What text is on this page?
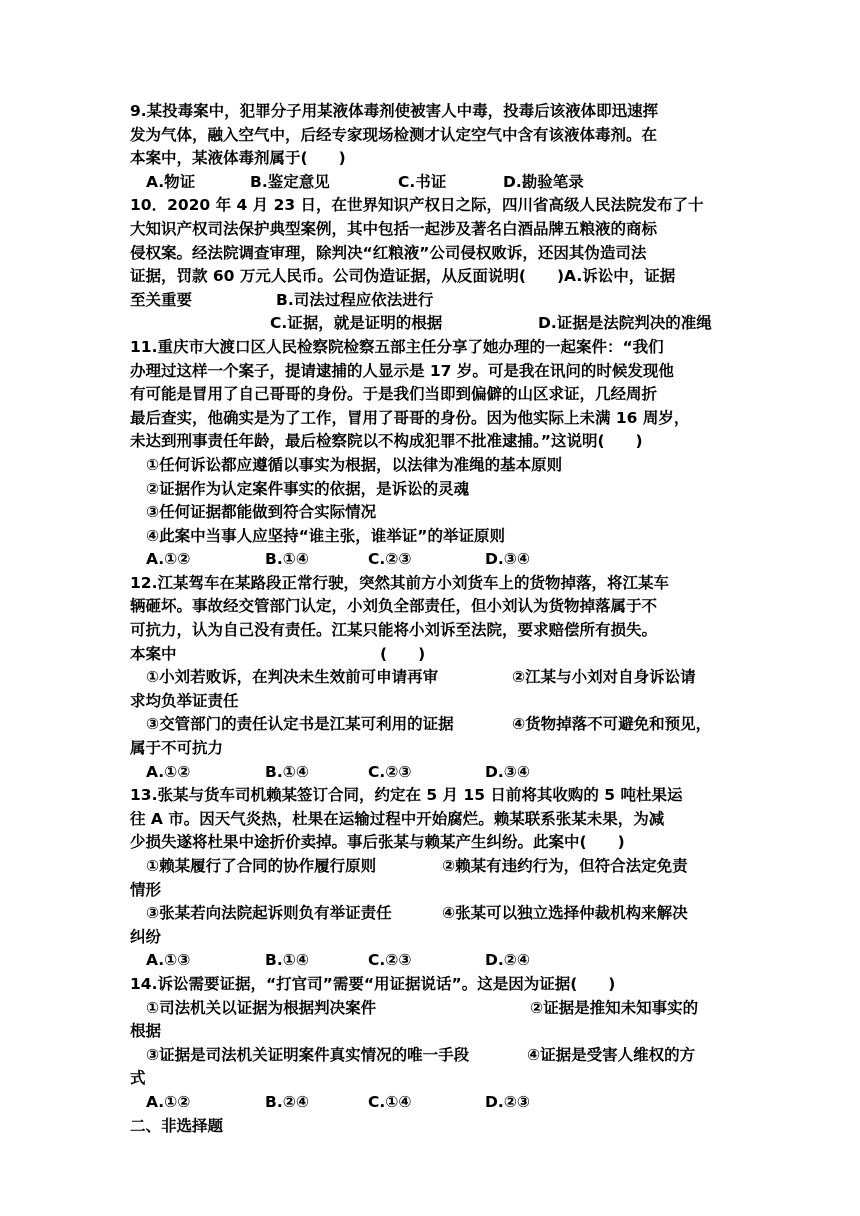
9.某投毒案中，犯罪分子用某液体毒剂使被害人中毒，投毒后该液体即迅速挥
发为气体，融入空气中，后经专家现场检测才认定空气中含有该液体毒剂。在
本案中，某液体毒剂属于(　　)
A.物证	B.鉴定意见	C.书证	D.勘验笔录
10．2020 年 4 月 23 日，在世界知识产权日之际，四川省高级人民法院发布了十
大知识产权司法保护典型案例，其中包括一起涉及著名白酒品牌五粮液的商标
侵权案。经法院调查审理，除判决“红粮液”公司侵权败诉，还因其伪造司法
证据，罚款 60 万元人民币。公司伪造证据，从反面说明(　　)A.诉讼中，证据
至关重要	B.司法过程应依法进行
C.证据，就是证明的根据	D.证据是法院判决的准绳
11.重庆市大渡口区人民检察院检察五部主任分享了她办理的一起案件：“我们
办理过这样一个案子，提请逮捕的人显示是 17 岁。可是我在讯问的时候发现他
有可能是冒用了自己哥哥的身份。于是我们当即到偏僻的山区求证，几经周折
最后查实，他确实是为了工作，冒用了哥哥的身份。因为他实际上未满 16 周岁，
未达到刑事责任年龄，最后检察院以不构成犯罪不批准逮捕。”这说明(　　)
①任何诉讼都应遵循以事实为根据，以法律为准绳的基本原则
②证据作为认定案件事实的依据，是诉讼的灵魂
③任何证据都能做到符合实际情况
④此案中当事人应坚持“谁主张，谁举证”的举证原则
A.①②	B.①④	C.②③	D.③④
12.江某驾车在某路段正常行驶，突然其前方小刘货车上的货物掉落，将江某车
辆砸坏。事故经交管部门认定，小刘负全部责任，但小刘认为货物掉落属于不
可抗力，认为自己没有责任。江某只能将小刘诉至法院，要求赔偿所有损失。
本案中	(　　)
①小刘若败诉，在判决未生效前可申请再审	②江某与小刘对自身诉讼请
求均负举证责任
③交管部门的责任认定书是江某可利用的证据	④货物掉落不可避免和预见，
属于不可抗力
A.①②	B.①④	C.②③	D.③④
13.张某与货车司机赖某签订合同，约定在 5 月 15 日前将其收购的 5 吨杜果运
往 A 市。因天气炎热，杜果在运输过程中开始腐烂。赖某联系张某未果，为减
少损失遂将杜果中途折价卖掉。事后张某与赖某产生纠纷。此案中(　　)
①赖某履行了合同的协作履行原则	②赖某有违约行为，但符合法定免责
情形
③张某若向法院起诉则负有举证责任	④张某可以独立选择仲裁机构来解决
纠纷
A.①③	B.①④	C.②③	D.②④
14.诉讼需要证据，“打官司”需要“用证据说话”。这是因为证据(　　)
①司法机关以证据为根据判决案件	②证据是推知未知事实的
根据
③证据是司法机关证明案件真实情况的唯一手段	④证据是受害人维权的方
式
A.①②	B.②④	C.①④	D.②③
二、非选择题
